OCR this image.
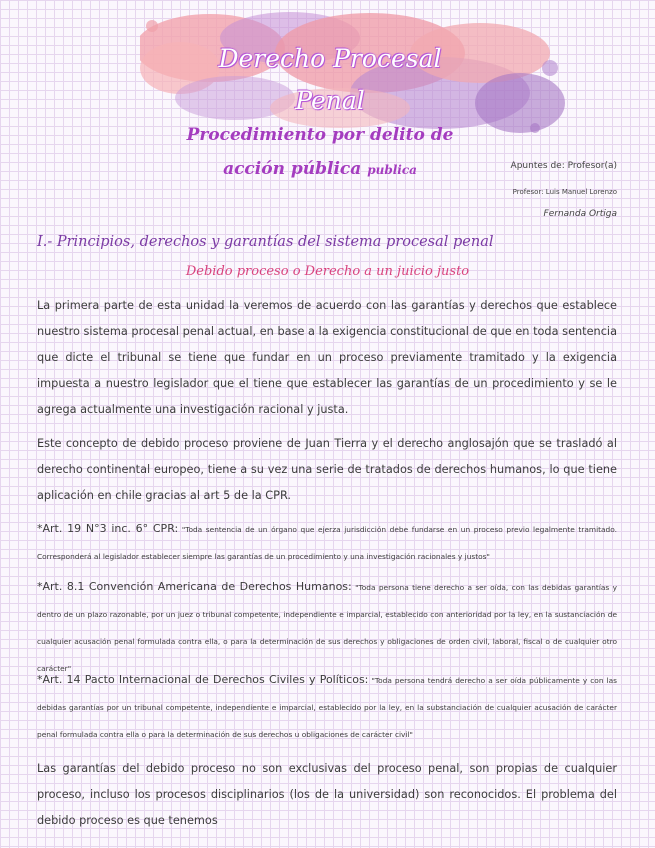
Derecho Procesal
Penal
Procedimiento por delito de
acción pública publica	Apuntes de: Profesor(a)
Profesor: Luis Manuel Lorenzo
Fernanda Ortiga
I.- Principios, derechos y garantías del sistema procesal penal
Debido proceso o Derecho a un juicio justo

La primera parte de esta unidad la veremos de acuerdo con las garantías y derechos que establece nuestro sistema procesal penal actual, en base a la exigencia constitucional de que en toda sentencia que dicte el tribunal se tiene que fundar en un proceso previamente tramitado y la exigencia impuesta a nuestro legislador que el tiene que establecer las garantías de un procedimiento y se le agrega actualmente una investigación racional y justa.

Este concepto de debido proceso proviene de Juan Tierra y el derecho anglosajón que se trasladó al derecho continental europeo, tiene a su vez una serie de tratados de derechos humanos, lo que tiene aplicación en chile gracias al art 5 de la CPR.

*Art. 19 N°3 inc. 6° CPR: "Toda sentencia de un órgano que ejerza jurisdicción debe fundarse en un proceso previo legalmente tramitado. Corresponderá al legislador establecer siempre las garantías de un procedimiento y una investigación racionales y justos"

*Art. 8.1 Convención Americana de Derechos Humanos: "Toda persona tiene derecho a ser oída, con las debidas garantías y dentro de un plazo razonable, por un juez o tribunal competente, independiente e imparcial, establecido con anterioridad por la ley, en la sustanciación de cualquier acusación penal formulada contra ella, o para la determinación de sus derechos y obligaciones de orden civil, laboral, fiscal o de cualquier otro carácter"

*Art. 14 Pacto Internacional de Derechos Civiles y Políticos: "Toda persona tendrá derecho a ser oída públicamente y con las debidas garantías por un tribunal competente, independiente e imparcial, establecido por la ley, en la substanciación de cualquier acusación de carácter penal formulada contra ella o para la determinación de sus derechos u obligaciones de carácter civil"

Las garantías del debido proceso no son exclusivas del proceso penal, son propias de cualquier proceso, incluso los procesos disciplinarios (los de la universidad) son reconocidos. El problema del debido proceso es que tenemos
